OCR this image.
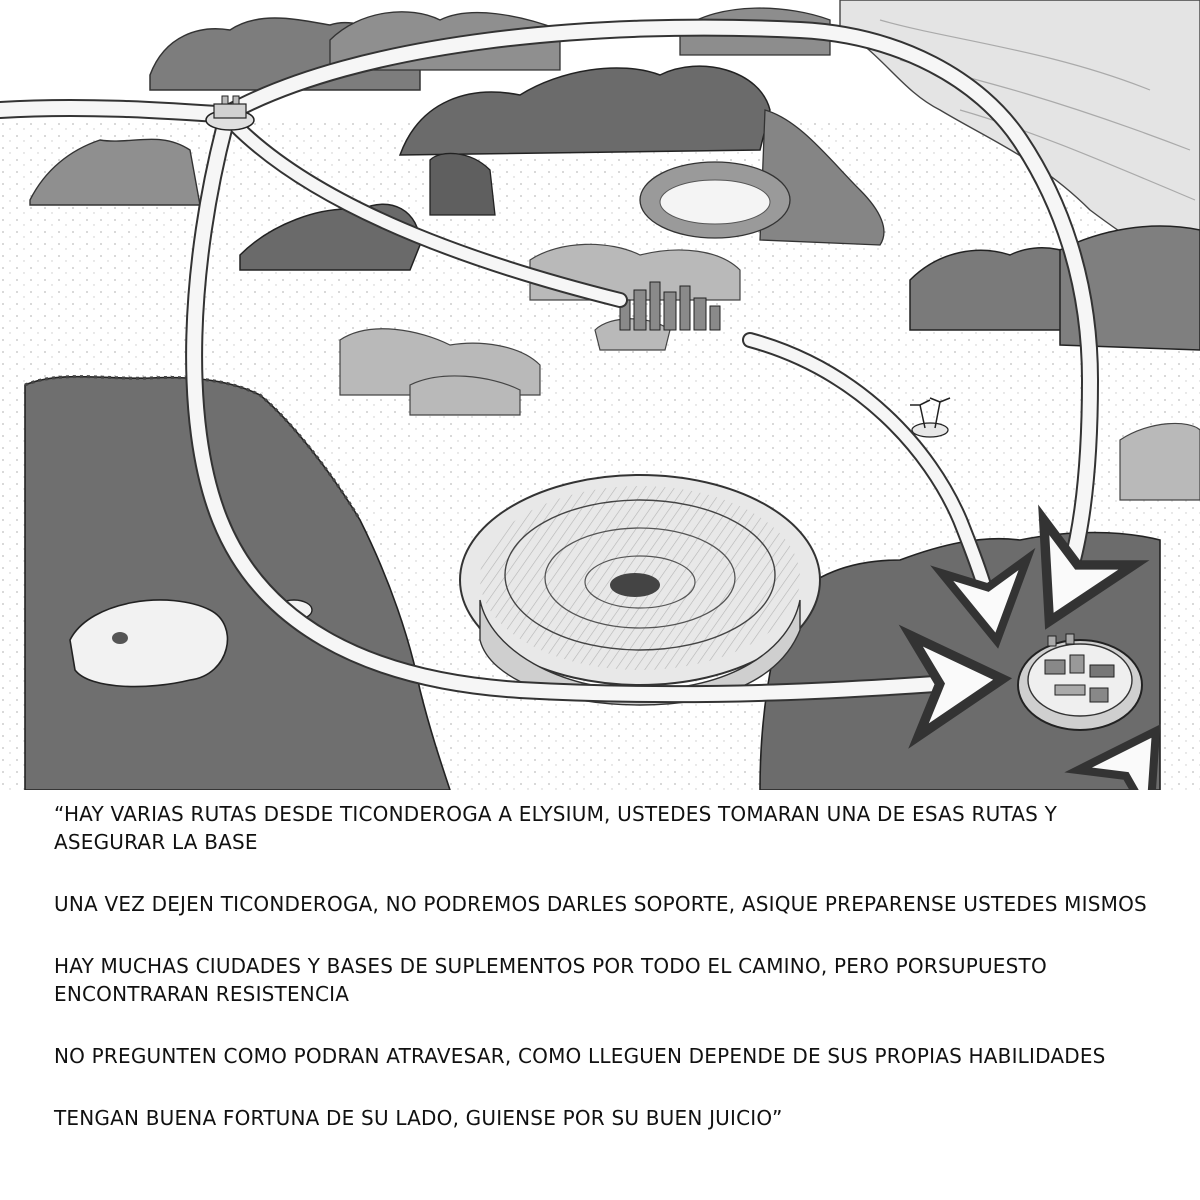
“HAY VARIAS RUTAS DESDE TICONDEROGA A ELYSIUM, USTEDES TOMARAN UNA DE ESAS RUTAS Y ASEGURAR LA BASE

UNA VEZ DEJEN TICONDEROGA, NO PODREMOS DARLES SOPORTE, ASIQUE PREPARENSE USTEDES MISMOS

HAY MUCHAS CIUDADES Y BASES DE SUPLEMENTOS POR TODO EL CAMINO, PERO PORSUPUESTO ENCONTRARAN RESISTENCIA

NO PREGUNTEN COMO PODRAN ATRAVESAR, COMO LLEGUEN DEPENDE DE SUS PROPIAS HABILIDADES

TENGAN BUENA FORTUNA DE SU LADO, GUIENSE POR SU BUEN JUICIO”
